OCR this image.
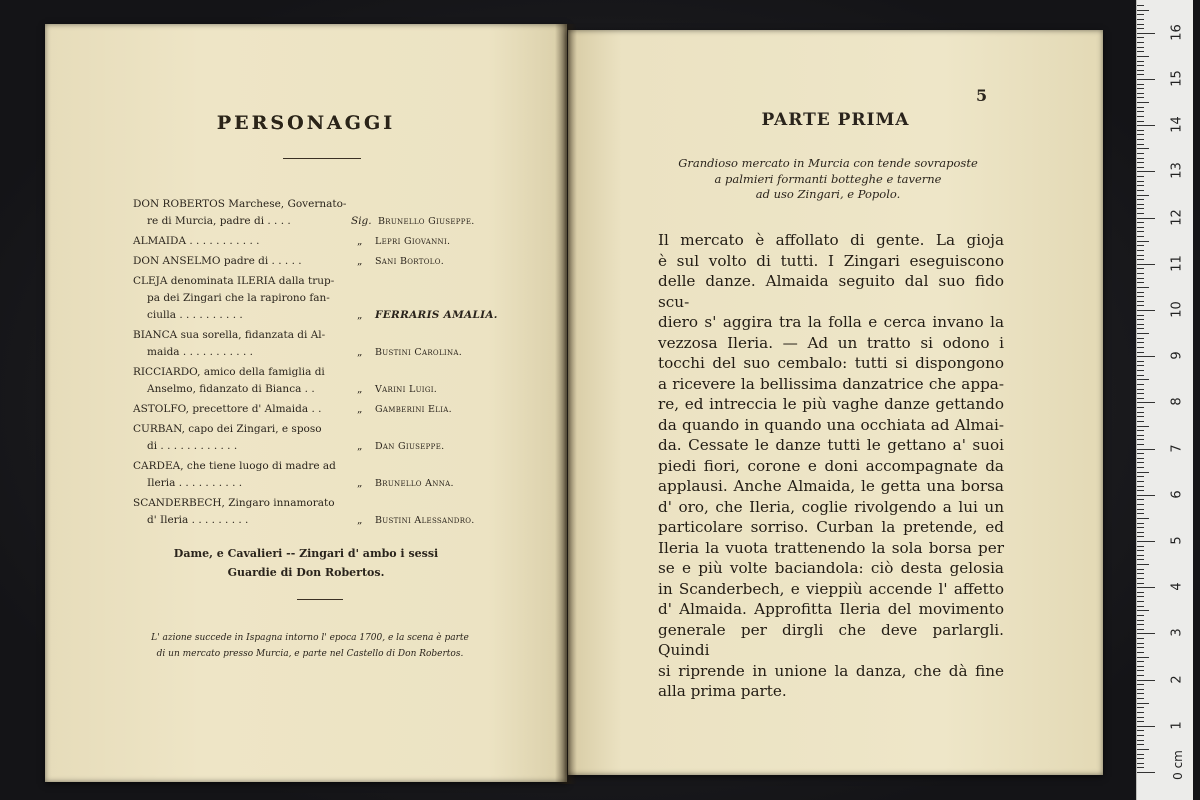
PERSONAGGI
DON ROBERTOS Marchese, Governato-
re di Murcia, padre di . . . .	Sig. Brunello Giuseppe.
ALMAIDA . . . . . . . . . . .	„ Lepri Giovanni.
DON ANSELMO padre di . . . . .	„ Sani Bortolo.
CLEJA denominata ILERIA dalla trup-
pa dei Zingari che la rapirono fan-
ciulla . . . . . . . . . .	„ FERRARIS AMALIA.
BIANCA sua sorella, fidanzata di Al-
maida . . . . . . . . . . .	„ Bustini Carolina.
RICCIARDO, amico della famiglia di
Anselmo, fidanzato di Bianca . .	„ Varini Luigi.
ASTOLFO, precettore d' Almaida . .	„ Gamberini Elia.
CURBAN, capo dei Zingari, e sposo
di . . . . . . . . . . . .	„ Dan Giuseppe.
CARDEA, che tiene luogo di madre ad
Ileria . . . . . . . . . .	„ Brunello Anna.
SCANDERBECH, Zingaro innamorato
d' Ileria . . . . . . . . .	„ Bustini Alessandro.
Dame, e Cavalieri -- Zingari d' ambo i sessi
Guardie di Don Robertos.
L' azione succede in Ispagna intorno l' epoca 1700, e la scena è parte
di un mercato presso Murcia, e parte nel Castello di Don Robertos.
5
PARTE PRIMA
Grandioso mercato in Murcia con tende sovraposte
a palmieri formanti botteghe e taverne
ad uso Zingari, e Popolo.
Il mercato è affollato di gente. La gioja
è sul volto di tutti. I Zingari eseguiscono
delle danze. Almaida seguito dal suo fido scu-
diero s' aggira tra la folla e cerca invano la
vezzosa Ileria. — Ad un tratto si odono i
tocchi del suo cembalo: tutti si dispongono
a ricevere la bellissima danzatrice che appa-
re, ed intreccia le più vaghe danze gettando
da quando in quando una occhiata ad Almai-
da. Cessate le danze tutti le gettano a' suoi
piedi fiori, corone e doni accompagnate da
applausi. Anche Almaida, le getta una borsa
d' oro, che Ileria, coglie rivolgendo a lui un
particolare sorriso. Curban la pretende, ed
Ileria la vuota trattenendo la sola borsa per
se e più volte baciandola: ciò desta gelosia
in Scanderbech, e vieppiù accende l' affetto
d' Almaida. Approfitta Ileria del movimento
generale per dirgli che deve parlargli. Quindi
si riprende in unione la danza, che dà fine
alla prima parte.
0 cm
1
2
3
4
5
6
7
8
9
10
11
12
13
14
15
16
